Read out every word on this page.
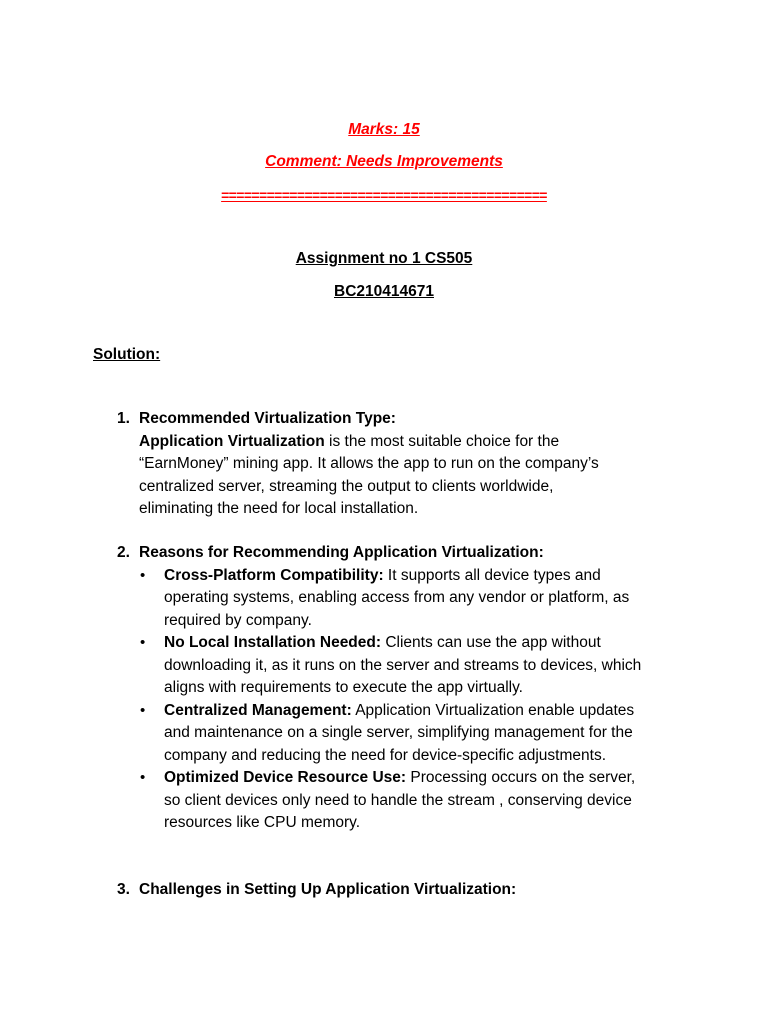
Marks: 15
Comment: Needs Improvements
===========================================
Assignment no 1 CS505
BC210414671
Solution:
1. Recommended Virtualization Type:
Application Virtualization is the most suitable choice for the “EarnMoney” mining app. It allows the app to run on the company’s centralized server, streaming the output to clients worldwide, eliminating the need for local installation.
2. Reasons for Recommending Application Virtualization:
• Cross-Platform Compatibility: It supports all device types and operating systems, enabling access from any vendor or platform, as required by company.
• No Local Installation Needed: Clients can use the app without downloading it, as it runs on the server and streams to devices, which aligns with requirements to execute the app virtually.
• Centralized Management: Application Virtualization enable updates and maintenance on a single server, simplifying management for the company and reducing the need for device-specific adjustments.
• Optimized Device Resource Use: Processing occurs on the server, so client devices only need to handle the stream , conserving device resources like CPU memory.
3. Challenges in Setting Up Application Virtualization:
